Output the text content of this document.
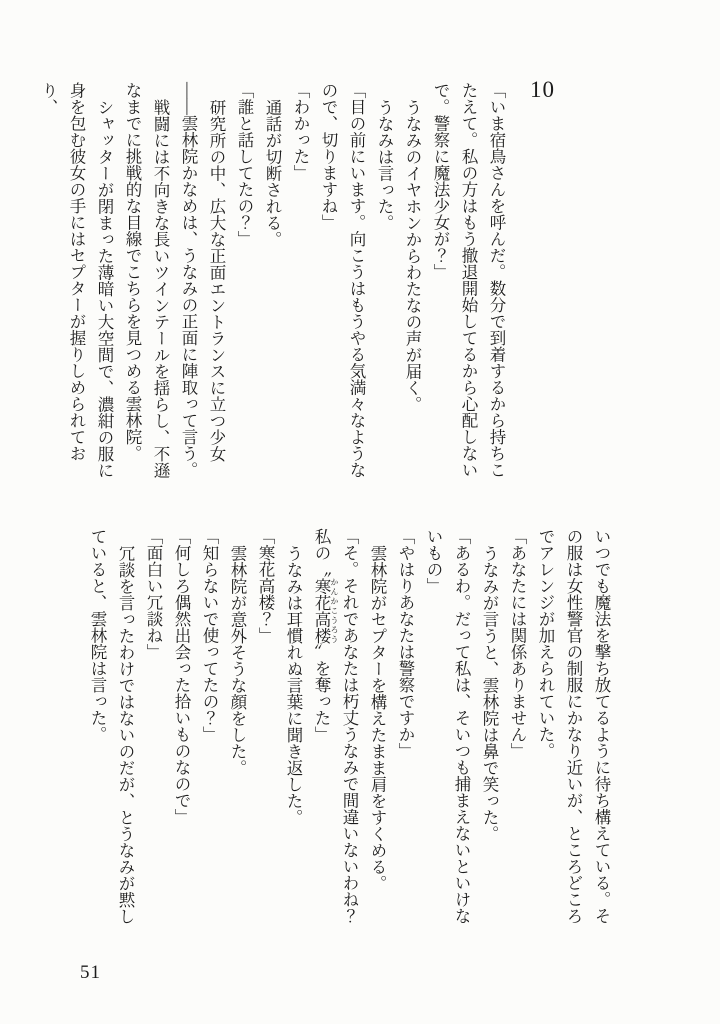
10

「いま宿鳥さんを呼んだ。数分で到着するから持ちこたえて。私の方はもう撤退開始してるから心配しないで。警察に魔法少女が？」

うなみのイヤホンからわたなの声が届く。

うなみは言った。

「目の前にいます。向こうはもうやる気満々なようなので、切りますね」

「わかった」

通話が切断される。

「誰と話してたの？」

研究所の中、広大な正面エントランスに立つ少女――雲林院かなめは、うなみの正面に陣取って言う。

戦闘には不向きな長いツインテールを揺らし、不遜なまでに挑戦的な目線でこちらを見つめる雲林院。

シャッターが閉まった薄暗い大空間で、濃紺の服に身を包む彼女の手にはセプターが握りしめられており、

いつでも魔法を撃ち放てるように待ち構えている。その服は女性警官の制服にかなり近いが、ところどころでアレンジが加えられていた。

「あなたには関係ありません」

うなみが言うと、雲林院は鼻で笑った。

「あるわ。だって私は、そいつも捕まえないといけないもの」

「やはりあなたは警察ですか」

雲林院がセプターを構えたまま肩をすくめる。

「そ。それであなたは朽丈うなみで間違いないわね？私の〝寒花高楼 かんかこうろう〟を奪った」

うなみは耳慣れぬ言葉に聞き返した。

「寒花高楼？」

雲林院が意外そうな顔をした。

「知らないで使ってたの？」

「何しろ偶然出会った拾いものなので」

「面白い冗談ね」

冗談を言ったわけではないのだが、とうなみが黙していると、雲林院は言った。

51
